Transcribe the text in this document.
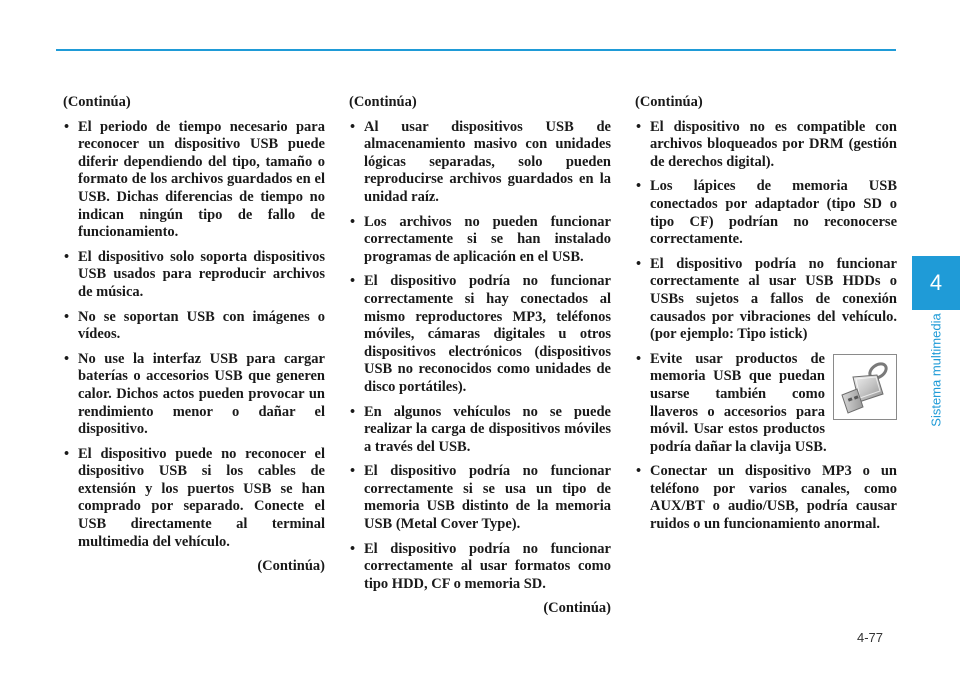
(Continúa)
• El periodo de tiempo necesario para reconocer un dispositivo USB puede diferir dependiendo del tipo, tamaño o formato de los archivos guardados en el USB. Dichas diferencias de tiempo no indican ningún tipo de fallo de funcionamiento.
• El dispositivo solo soporta dispositivos USB usados para reproducir archivos de música.
• No se soportan USB con imágenes o vídeos.
• No use la interfaz USB para cargar baterías o accesorios USB que generen calor. Dichos actos pueden provocar un rendimiento menor o dañar el dispositivo.
• El dispositivo puede no reconocer el dispositivo USB si los cables de extensión y los puertos USB se han comprado por separado. Conecte el USB directamente al terminal multimedia del vehículo.
(Continúa)
(Continúa)
• Al usar dispositivos USB de almacenamiento masivo con unidades lógicas separadas, solo pueden reproducirse archivos guardados en la unidad raíz.
• Los archivos no pueden funcionar correctamente si se han instalado programas de aplicación en el USB.
• El dispositivo podría no funcionar correctamente si hay conectados al mismo reproductores MP3, teléfonos móviles, cámaras digitales u otros dispositivos electrónicos (dispositivos USB no reconocidos como unidades de disco portátiles).
• En algunos vehículos no se puede realizar la carga de dispositivos móviles a través del USB.
• El dispositivo podría no funcionar correctamente si se usa un tipo de memoria USB distinto de la memoria USB (Metal Cover Type).
• El dispositivo podría no funcionar correctamente al usar formatos como tipo HDD, CF o memoria SD.
(Continúa)
(Continúa)
• El dispositivo no es compatible con archivos bloqueados por DRM (gestión de derechos digital).
• Los lápices de memoria USB conectados por adaptador (tipo SD o tipo CF) podrían no reconocerse correctamente.
• El dispositivo podría no funcionar correctamente al usar USB HDDs o USBs sujetos a fallos de conexión causados por vibraciones del vehículo. (por ejemplo: Tipo istick)
• Evite usar productos de memoria USB que puedan usarse también como llaveros o accesorios para móvil. Usar estos productos podría dañar la clavija USB.
• Conectar un dispositivo MP3 o un teléfono por varios canales, como AUX/BT o audio/USB, podría causar ruidos o un funcionamiento anormal.
4
Sistema multimedia
4-77
